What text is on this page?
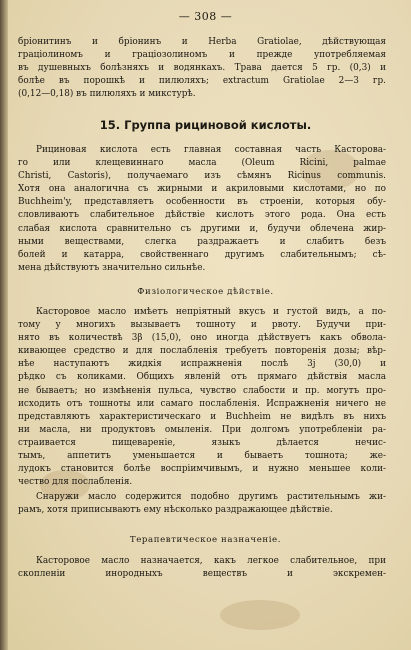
— 308 —
бріонитинъ и бріонинъ и Herba Gratiolae, дѣйствующая
граціолиномъ и граціозолиномъ и прежде употребляемая
въ душевныхъ болѣзняхъ и водянкахъ. Трава дается 5 гр. (0,3) и
болѣе въ порошкѣ и пилюляхъ; extractum Gratiolae 2—3 гр.
(0,12—0,18) въ пилюляхъ и микстурѣ.
15. Группа рициновой кислоты.
Рициновая кислота есть главная составная часть Касторова-
го или клещевиннаго масла (Oleum Ricini, palmae
Christi, Castoris), получаемаго изъ сѣмянъ Ricinus communis.
Хотя она аналогична съ жирными и акриловыми кислотами, но по
Buchheim'y, представляетъ особенности въ строеніи, которыя обу-
словливаютъ слабительное дѣйствіе кислотъ этого рода. Она есть
слабая кислота сравнительно съ другими и, будучи облечена жир-
ными веществами, слегка раздражаетъ и слабитъ безъ
болей и катарра, свойственнаго другимъ слабительнымъ; сѣ-
мена дѣйствуютъ значительно сильнѣе.
Физіологическое дѣйствіе.
Касторовое масло имѣетъ непріятный вкусъ и густой видъ, а по-
тому у многихъ вызываетъ тошноту и рвоту. Будучи при-
нято въ количествѣ 3β (15,0), оно иногда дѣйствуетъ какъ обвола-
кивающее средство и для послабленія требуетъ повторенія дозы; вѣр-
нѣе наступаютъ жидкія испражненія послѣ 3j (30,0) и
рѣдко съ коликами. Общихъ явленій отъ прямаго дѣйствія масла
не бываетъ; но измѣненія пульса, чувство слабости и пр. могутъ про-
исходить отъ тошноты или самаго послабленія. Испражненія ничего не
представляютъ характеристическаго и Buchheim не видѣлъ въ нихъ
ни масла, ни продуктовъ омыленія. При долгомъ употребленіи ра-
страивается пищевареніе, языкъ дѣлается нечис-
тымъ, аппетитъ уменьшается и бываетъ тошнота; же-
лудокъ становится болѣе воспріимчивымъ, и нужно меньшее коли-
чество для послабленія.
Снаружи масло содержится подобно другимъ растительнымъ жи-
рамъ, хотя приписываютъ ему нѣсколько раздражающее дѣйствіе.
Терапевтическое назначеніе.
Касторовое масло назначается, какъ легкое слабительное, при
скопленіи инородныхъ веществъ и экскремен-
